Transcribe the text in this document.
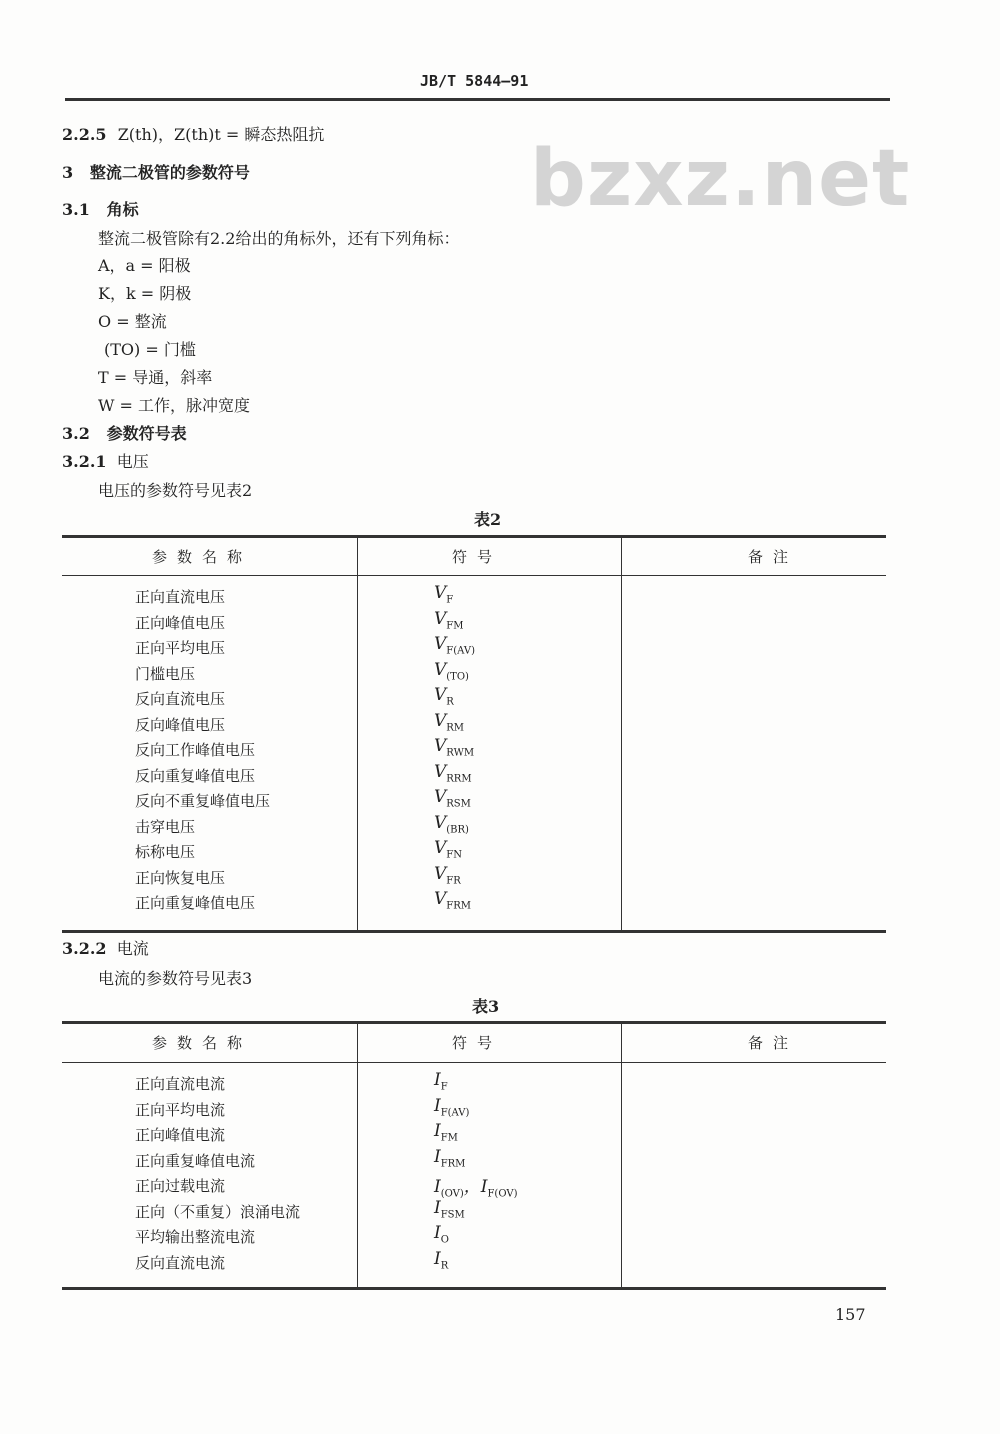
JB/T 5844—91
bzxz.net
2.2.5 Z(th)，Z(th)t = 瞬态热阻抗
3 整流二极管的参数符号
3.1 角标
整流二极管除有2.2给出的角标外，还有下列角标：
A，a = 阳极
K，k = 阴极
O = 整流
(TO) = 门槛
T = 导通，斜率
W = 工作，脉冲宽度
3.2 参数符号表
3.2.1 电压
电压的参数符号见表2
表2
参数名称	符号	备注
正向直流电压	$V_F$
正向峰值电压	$V_{FM}$
正向平均电压	$V_{F(AV)}$
门槛电压	$V_{(TO)}$
反向直流电压	$V_R$
反向峰值电压	$V_{RM}$
反向工作峰值电压	$V_{RWM}$
反向重复峰值电压	$V_{RRM}$
反向不重复峰值电压	$V_{RSM}$
击穿电压	$V_{(BR)}$
标称电压	$V_{FN}$
正向恢复电压	$V_{FR}$
正向重复峰值电压	$V_{FRM}$
3.2.2 电流
电流的参数符号见表3
表3
参数名称	符号	备注
正向直流电流	$I_F$
正向平均电流	$I_{F(AV)}$
正向峰值电流	$I_{FM}$
正向重复峰值电流	$I_{FRM}$
正向过载电流	$I_{(OV)}$，$I_{F(OV)}$
正向（不重复）浪涌电流	$I_{FSM}$
平均输出整流电流	$I_O$
反向直流电流	$I_R$
157
